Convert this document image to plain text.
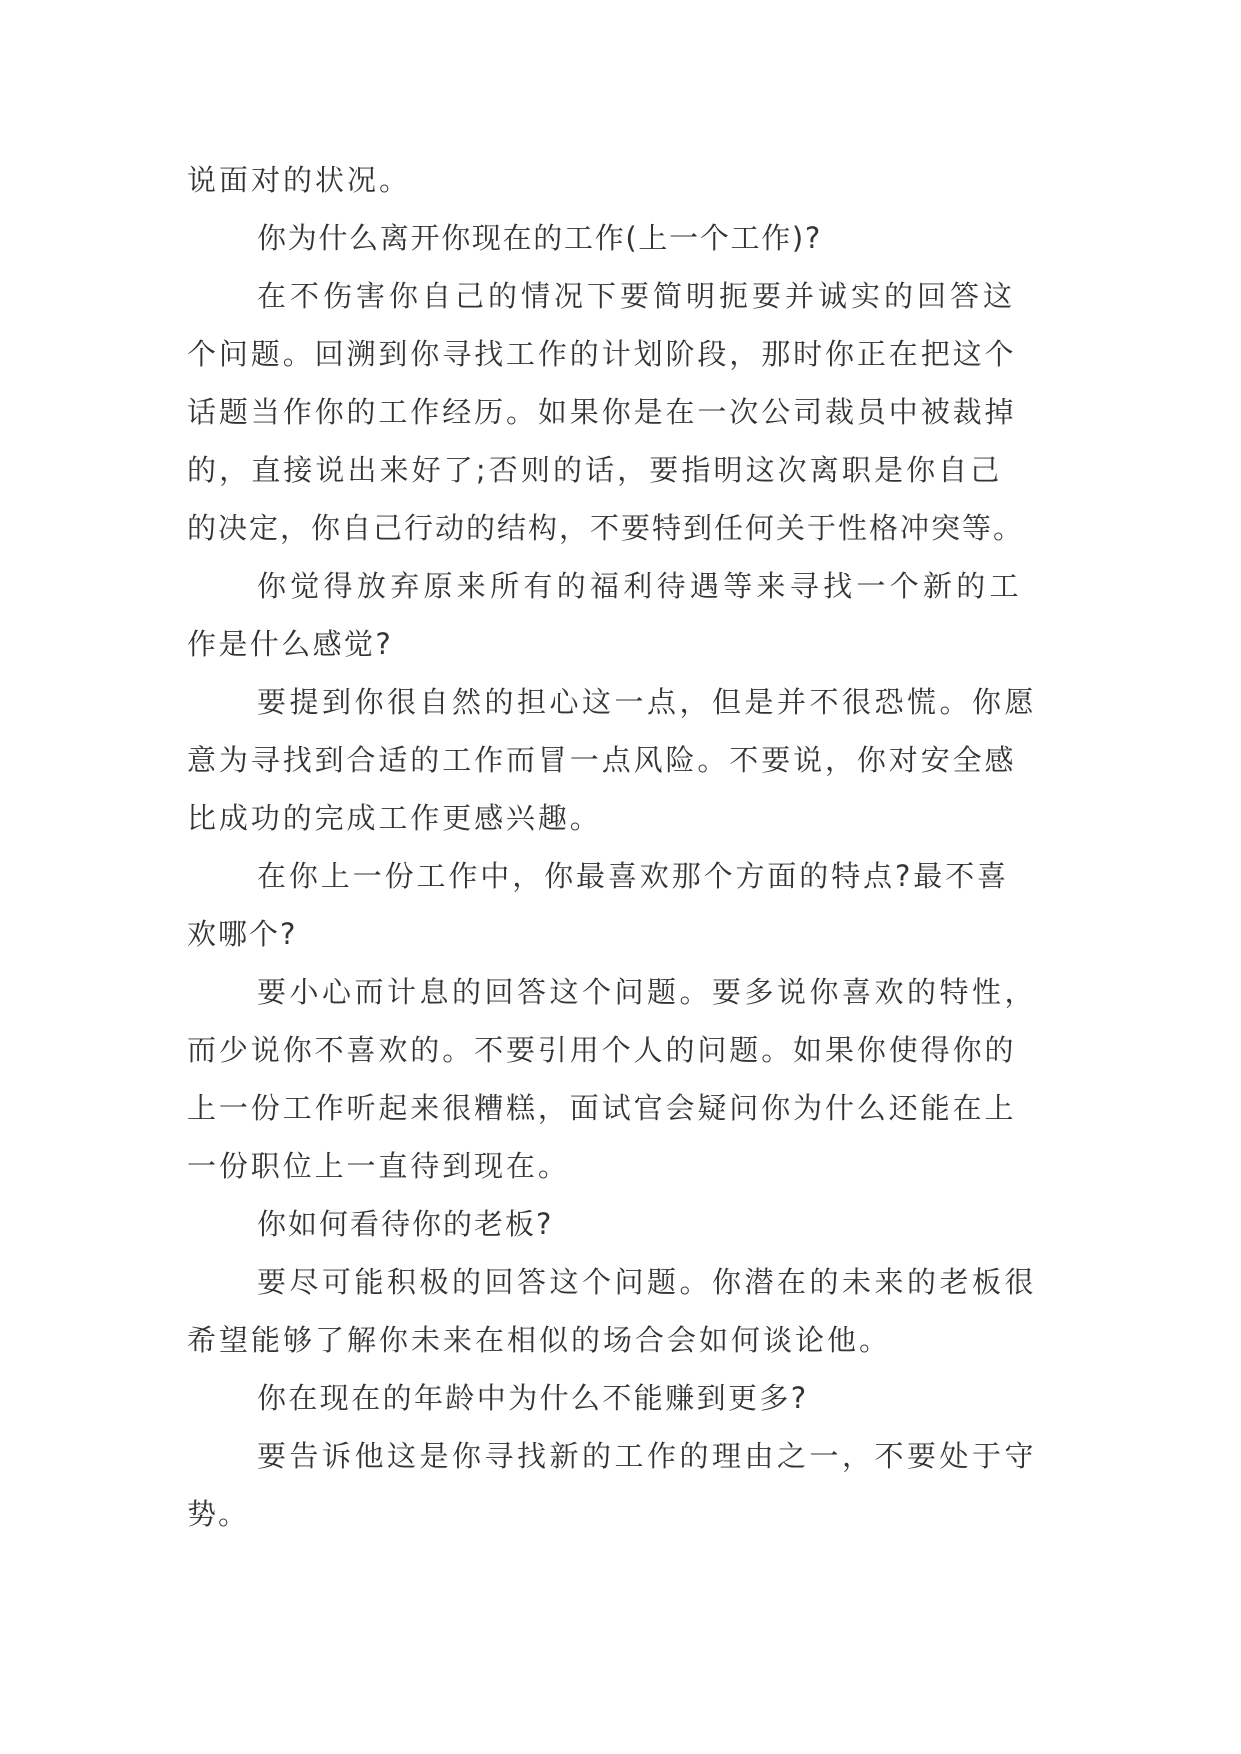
说面对的状况。
你为什么离开你现在的工作(上一个工作)?
在不伤害你自己的情况下要简明扼要并诚实的回答这
个问题。回溯到你寻找工作的计划阶段，那时你正在把这个
话题当作你的工作经历。如果你是在一次公司裁员中被裁掉
的，直接说出来好了;否则的话，要指明这次离职是你自己
的决定，你自己行动的结构，不要特到任何关于性格冲突等。
你觉得放弃原来所有的福利待遇等来寻找一个新的工
作是什么感觉?
要提到你很自然的担心这一点，但是并不很恐慌。你愿
意为寻找到合适的工作而冒一点风险。不要说，你对安全感
比成功的完成工作更感兴趣。
在你上一份工作中，你最喜欢那个方面的特点?最不喜
欢哪个?
要小心而计息的回答这个问题。要多说你喜欢的特性，
而少说你不喜欢的。不要引用个人的问题。如果你使得你的
上一份工作听起来很糟糕，面试官会疑问你为什么还能在上
一份职位上一直待到现在。
你如何看待你的老板?
要尽可能积极的回答这个问题。你潜在的未来的老板很
希望能够了解你未来在相似的场合会如何谈论他。
你在现在的年龄中为什么不能赚到更多?
要告诉他这是你寻找新的工作的理由之一，不要处于守
势。
